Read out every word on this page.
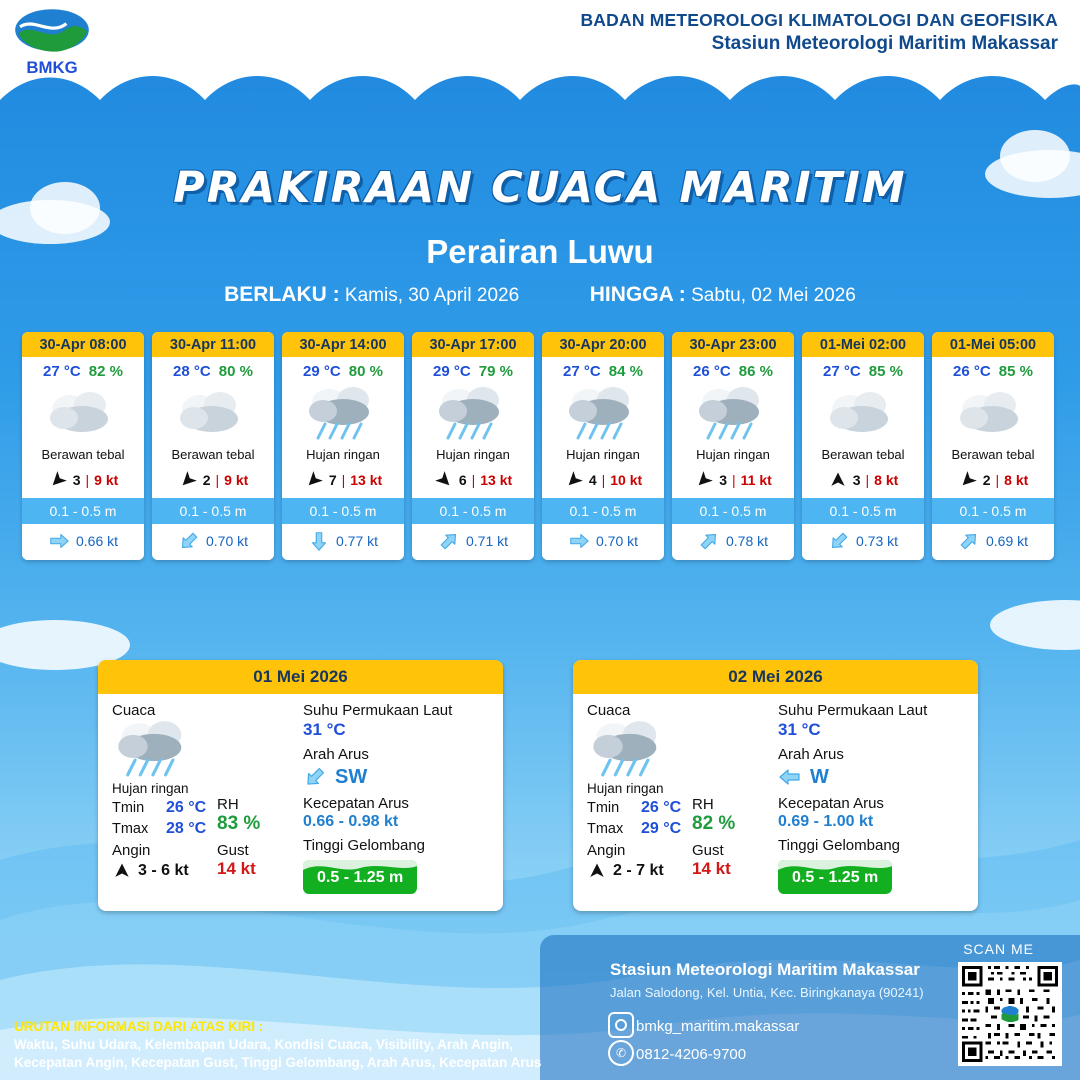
BMKG
BADAN METEOROLOGI KLIMATOLOGI DAN GEOFISIKA
Stasiun Meteorologi Maritim Makassar
PRAKIRAAN CUACA MARITIM
Perairan Luwu
BERLAKU : Kamis, 30 April 2026	HINGGA : Sabtu, 02 Mei 2026
30-Apr 08:00
27 °C 82 %
Berawan tebal
3 | 9 kt
0.1 - 0.5 m
0.66 kt
30-Apr 11:00
28 °C 80 %
Berawan tebal
2 | 9 kt
0.1 - 0.5 m
0.70 kt
30-Apr 14:00
29 °C 80 %
Hujan ringan
7 | 13 kt
0.1 - 0.5 m
0.77 kt
30-Apr 17:00
29 °C 79 %
Hujan ringan
6 | 13 kt
0.1 - 0.5 m
0.71 kt
30-Apr 20:00
27 °C 84 %
Hujan ringan
4 | 10 kt
0.1 - 0.5 m
0.70 kt
30-Apr 23:00
26 °C 86 %
Hujan ringan
3 | 11 kt
0.1 - 0.5 m
0.78 kt
01-Mei 02:00
27 °C 85 %
Berawan tebal
3 | 8 kt
0.1 - 0.5 m
0.73 kt
01-Mei 05:00
26 °C 85 %
Berawan tebal
2 | 8 kt
0.1 - 0.5 m
0.69 kt
01 Mei 2026
Cuaca
Hujan ringan
Tmin	26 °C
Tmax	28 °C
RH
83 %
Angin
3 - 6 kt
Gust
14 kt
Suhu Permukaan Laut
31 °C
Arah Arus
SW
Kecepatan Arus
0.66 - 0.98 kt
Tinggi Gelombang
0.5 - 1.25 m
02 Mei 2026
Cuaca
Hujan ringan
Tmin	26 °C
Tmax	29 °C
RH
82 %
Angin
2 - 7 kt
Gust
14 kt
Suhu Permukaan Laut
31 °C
Arah Arus
W
Kecepatan Arus
0.69 - 1.00 kt
Tinggi Gelombang
0.5 - 1.25 m
Stasiun Meteorologi Maritim Makassar
Jalan Salodong, Kel. Untia, Kec. Biringkanaya (90241)
bmkg_maritim.makassar
✆ 0812-4206-9700
SCAN ME
URUTAN INFORMASI DARI ATAS KIRI :
Waktu, Suhu Udara, Kelembapan Udara, Kondisi Cuaca, Visibility, Arah Angin,
Kecepatan Angin, Kecepatan Gust, Tinggi Gelombang, Arah Arus, Kecepatan Arus
